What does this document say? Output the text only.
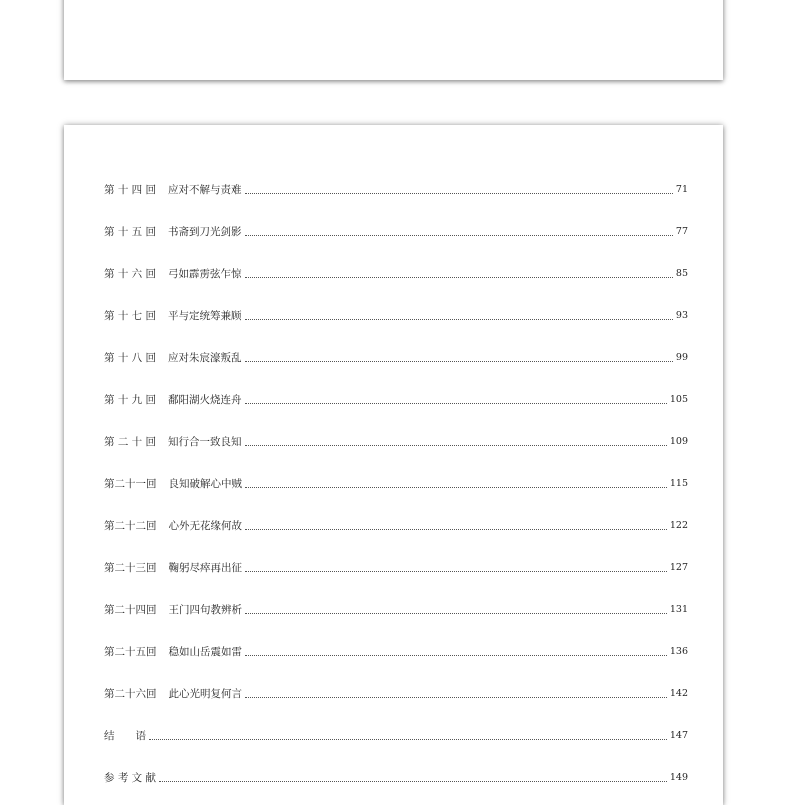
第 十 四 回 应对不解与责难	71
第 十 五 回 书斋到刀光剑影	77
第 十 六 回 弓如霹雳弦乍惊	85
第 十 七 回 平与定统筹兼顾	93
第 十 八 回 应对朱宸濠叛乱	99
第 十 九 回 鄱阳湖火烧连舟	105
第 二 十 回 知行合一致良知	109
第二十一回 良知破解心中贼	115
第二十二回 心外无花缘何故	122
第二十三回 鞠躬尽瘁再出征	127
第二十四回 王门四句教辨析	131
第二十五回 稳如山岳震如雷	136
第二十六回 此心光明复何言	142
结　　语	147
参 考 文 献	149
